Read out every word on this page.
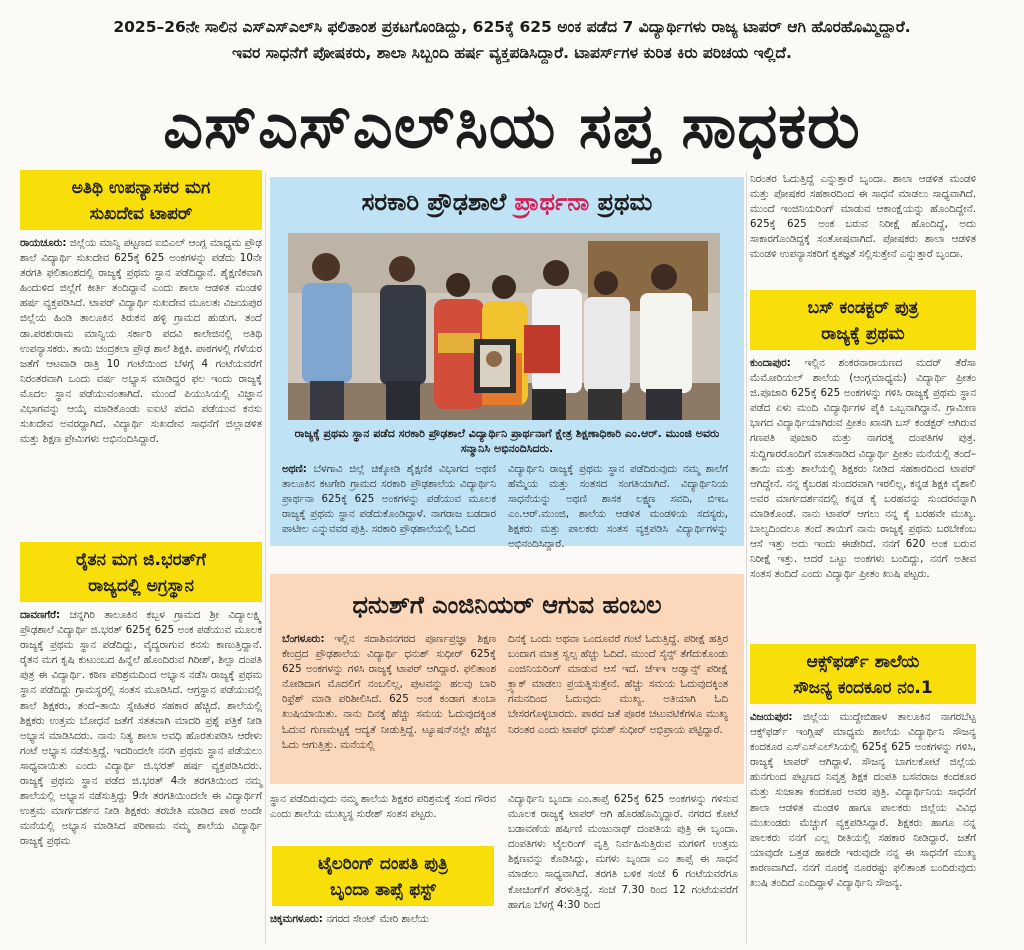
2025–26ನೇ ಸಾಲಿನ ಎಸ್‌ಎಸ್‌ಎಲ್‌ಸಿ ಫಲಿತಾಂಶ ಪ್ರಕಟಗೊಂಡಿದ್ದು, 625ಕ್ಕೆ 625 ಅಂಕ ಪಡೆದ 7 ವಿದ್ಯಾರ್ಥಿಗಳು ರಾಜ್ಯ ಟಾಪರ್ ಆಗಿ ಹೊರಹೊಮ್ಮಿದ್ದಾರೆ.
ಇವರ ಸಾಧನೆಗೆ ಪೋಷಕರು, ಶಾಲಾ ಸಿಬ್ಬಂದಿ ಹರ್ಷ ವ್ಯಕ್ತಪಡಿಸಿದ್ದಾರೆ. ಟಾಪರ್ಸ್‌ಗಳ ಕುರಿತ ಕಿರು ಪರಿಚಯ ಇಲ್ಲಿದೆ.
ಎಸ್‌ಎಸ್‌ಎಲ್‌ಸಿಯ ಸಪ್ತ ಸಾಧಕರು
ಅತಿಥಿ ಉಪನ್ಯಾಸಕರ ಮಗ
ಸುಖದೇವ ಟಾಪರ್
ರಾಯಚೂರು: ಜಿಲ್ಲೆಯ ಮಾನ್ವಿ ಪಟ್ಟಣದ ಐಬಿಎಲ್ ಆಂಗ್ಲ ಮಾಧ್ಯಮ ಪ್ರೌಢ ಶಾಲೆ ವಿದ್ಯಾರ್ಥಿ ಸುಖದೇವ 625ಕ್ಕೆ 625 ಅಂಕಗಳನ್ನು ಪಡೆದು 10ನೇ ತರಗತಿ ಫಲಿತಾಂಶದಲ್ಲಿ ರಾಜ್ಯಕ್ಕೆ ಪ್ರಥಮ ಸ್ಥಾನ ಪಡೆದಿದ್ದಾನೆ. ಶೈಕ್ಷಣಿಕವಾಗಿ ಹಿಂದುಳಿದ ಜಿಲ್ಲೆಗೆ ಕೀರ್ತಿ ತಂದಿದ್ದಾನೆ ಎಂದು ಶಾಲಾ ಆಡಳಿತ ಮಂಡಳಿ ಹರ್ಷ ವ್ಯಕ್ತಪಡಿಸಿದೆ. ಟಾಪರ್ ವಿದ್ಯಾರ್ಥಿ ಸುಖದೇವ ಮೂಲತಃ ವಿಜಯಪುರ ಜಿಲ್ಲೆಯ ಹಿಂಡಿ ತಾಲೂಕಿನ ತಿರುಕನ ಹಳ್ಳಿ ಗ್ರಾಮದ ಹುಡುಗ. ತಂದೆ ಡಾ.ಪರಶುರಾಮ ಮಾನ್ವಿಯ ಸರ್ಕಾರಿ ಪದವಿ ಕಾಲೇಜಿನಲ್ಲಿ ಅತಿಥಿ ಉಪನ್ಯಾಸಕರು. ತಾಯಿ ಚಂದ್ರಕಲಾ ಪ್ರೌಢ ಶಾಲೆ ಶಿಕ್ಷಕಿ. ಪಾಠಗಳಲ್ಲಿ ಗೆಳೆಯರ ಜತೆಗೆ ಆಟವಾಡಿ ರಾತ್ರಿ 10 ಗಂಟೆಯಿಂದ ಬೆಳಗ್ಗೆ 4 ಗಂಟೆಯವರೆಗೆ ನಿರಂತರವಾಗಿ ಒಂದು ವರ್ಷ ಅಭ್ಯಾಸ ಮಾಡಿದ್ದರ ಫಲ ಇಂದು ರಾಜ್ಯಕ್ಕೆ ಮೊದಲ ಸ್ಥಾನ ಪಡೆಯುವಂತಾಗಿದೆ. ಮುಂದೆ ಪಿಯುಸಿಯಲ್ಲಿ ವಿಜ್ಞಾನ ವಿಭಾಗವನ್ನು ಆಯ್ಕೆ ಮಾಡಿಕೊಂಡು ಐಐಟಿ ಪದವಿ ಪಡೆಯುವ ಕನಸು ಸುಖದೇವ ಅವರದ್ದಾಗಿದೆ. ವಿದ್ಯಾರ್ಥಿ ಸುಖದೇವ ಸಾಧನೆಗೆ ಜಿಲ್ಲಾಡಳಿತ ಮತ್ತು ಶಿಕ್ಷಣ ಪ್ರೇಮಿಗಳು ಅಭಿನಂದಿಸಿದ್ದಾರೆ.
ರೈತನ ಮಗ ಜಿ.ಭರತ್‌ಗೆ
ರಾಜ್ಯದಲ್ಲಿ ಅಗ್ರಸ್ಥಾನ
ದಾವಣಗೆರೆ: ಚನ್ನಗಿರಿ ತಾಲೂಕಿನ ಕಬ್ಬಳ ಗ್ರಾಮದ ಶ್ರೀ ವಿದ್ಯಾಲಕ್ಷ್ಮಿ ಪ್ರೌಢಶಾಲೆ ವಿದ್ಯಾರ್ಥಿ ಜಿ.ಭರತ್ 625ಕ್ಕೆ 625 ಅಂಕ ಪಡೆಯುವ ಮೂಲಕ ರಾಜ್ಯಕ್ಕೆ ಪ್ರಥಮ ಸ್ಥಾನ ಪಡೆದಿದ್ದು, ವೈದ್ಯರಾಗುವ ಕನಸು ಕಾಣುತ್ತಿದ್ದಾನೆ. ರೈತನ ಮಗ ಕೃಷಿ ಕುಟುಂಬದ ಹಿನ್ನೆಲೆ ಹೊಂದಿರುವ ಗಿರೀಶ್, ಶಿಲ್ಪಾ ದಂಪತಿ ಪುತ್ರ ಈ ವಿದ್ಯಾರ್ಥಿ. ಕಠಿಣ ಪರಿಶ್ರಮದಿಂದ ಅಭ್ಯಾಸ ನಡೆಸಿ ರಾಜ್ಯಕ್ಕೆ ಪ್ರಥಮ ಸ್ಥಾನ ಪಡೆದಿದ್ದು ಗ್ರಾಮಸ್ಥರಲ್ಲಿ ಸಂತಸ ಮೂಡಿಸಿದೆ. ಆಗ್ರಸ್ಥಾನ ಪಡೆಯುವಲ್ಲಿ ಶಾಲೆ ಶಿಕ್ಷಕರು, ತಂದೆ–ತಾಯಿ ಸ್ನೇಹಿತರ ಸಹಕಾರ ಹೆಚ್ಚಿದೆ. ಶಾಲೆಯಲ್ಲಿ ಶಿಕ್ಷಕರು ಉತ್ತಮ ಬೋಧನೆ ಜತೆಗೆ ಸತತವಾಗಿ ಮಾದರಿ ಪ್ರಶ್ನೆ ಪತ್ರಿಕೆ ನೀಡಿ ಅಭ್ಯಾಸ ಮಾಡಿಸಿದರು. ನಾನು ನಿತ್ಯ ಶಾಲಾ ಅವಧಿ ಹೊರತುಪಡಿಸಿ ಆರೇಳು ಗಂಟೆ ಅಭ್ಯಾಸ ನಡೆಸುತ್ತಿದ್ದೆ. ಇದರಿಂದಲೇ ನನಗಿ ಪ್ರಥಮ ಸ್ಥಾನ ಪಡೆಯಲು ಸಾಧ್ಯವಾಯಿತು ಎಂದು ವಿದ್ಯಾರ್ಥಿ ಜಿ.ಭರತ್ ಹರ್ಷ ವ್ಯಕ್ತಪಡಿಸಿದರು. ರಾಜ್ಯಕ್ಕೆ ಪ್ರಥಮ ಸ್ಥಾನ ಪಡೆದ ಜಿ.ಭರತ್ 4ನೇ ತರಗತಿಯಿಂದ ನಮ್ಮ ಶಾಲೆಯಲ್ಲಿ ಅಭ್ಯಾಸ ನಡೆಸುತ್ತಿದ್ದು 9ನೇ ತರಗತಿಯಿಂದಲೇ ಈ ವಿದ್ಯಾರ್ಥಿಗೆ ಉತ್ತಮ ಮಾರ್ಗದರ್ಶನ ನೀಡಿ ಶಿಕ್ಷಕರು ತರಬೇತಿ ಮಾಡಿದ ಪಾಠ ಅಂದೇ ಮನೆಯಲ್ಲಿ ಅಭ್ಯಾಸ ಮಾಡಿಸಿದ ಪರಿಣಾಮ ನಮ್ಮ ಶಾಲೆಯ ವಿದ್ಯಾರ್ಥಿ ರಾಜ್ಯಕ್ಕೆ ಪ್ರಥಮ
ಸರಕಾರಿ ಪ್ರೌಢಶಾಲೆ ಪ್ರಾರ್ಥನಾ ಪ್ರಥಮ
ರಾಜ್ಯಕ್ಕೆ ಪ್ರಥಮ ಸ್ಥಾನ ಪಡೆದ ಸರಕಾರಿ ಪ್ರೌಢಶಾಲೆ ವಿದ್ಯಾರ್ಥಿನಿ ಪ್ರಾರ್ಥನಾಗೆ ಕ್ಷೇತ್ರ ಶಿಕ್ಷಣಾಧಿಕಾರಿ ಎಂ.ಆರ್. ಮುಂಜಿ ಅವರು ಸನ್ಮಾನಿಸಿ ಅಭಿನಂದಿಸಿದರು.
ಅಥಣಿ: ಬೆಳಗಾವಿ ಜಿಲ್ಲೆ ಚಿಕ್ಕೋಡಿ ಶೈಕ್ಷಣಿಕ ವಿಭಾಗದ ಅಥಣಿ ತಾಲೂಕಿನ ಕಟಗೇರಿ ಗ್ರಾಮದ ಸರಕಾರಿ ಪ್ರೌಢಶಾಲೆಯ ವಿದ್ಯಾರ್ಥಿನಿ ಪ್ರಾರ್ಥನಾ 625ಕ್ಕೆ 625 ಅಂಕಗಳನ್ನು ಪಡೆಯುವ ಮೂಲಕ ರಾಜ್ಯಕ್ಕೆ ಪ್ರಥಮ ಸ್ಥಾನ ಪಡೆದುಕೊಂಡಿದ್ದಾಳೆ. ನಾಗರಾಜ ಬಡದಾರ ಪಾಟೀಲ ಎನ್ನುವವರ ಪುತ್ರಿ. ಸರಕಾರಿ ಪ್ರೌಢಶಾಲೆಯಲ್ಲಿ ಓದಿದ
ವಿದ್ಯಾರ್ಥಿನಿ ರಾಜ್ಯಕ್ಕೆ ಪ್ರಥಮ ಸ್ಥಾನ ಪಡೆದಿರುವುದು ನಮ್ಮ ಶಾಲೆಗೆ ಹೆಮ್ಮೆಯ ಮತ್ತು ಸಂತಸದ ಸಂಗತಿಯಾಗಿದೆ. ವಿದ್ಯಾರ್ಥಿನಿಯ ಸಾಧನೆಯನ್ನು ಅಥಣಿ ಶಾಸಕ ಲಕ್ಷ್ಮಣ ಸವದಿ, ಬಿಇಒ ಎಂ.ಆರ್.ಮುಂಜಿ, ಶಾಲೆಯ ಆಡಳಿತ ಮಂಡಳಿಯ ಸದಸ್ಯರು, ಶಿಕ್ಷಕರು ಮತ್ತು ಪಾಲಕರು ಸಂತಸ ವ್ಯಕ್ತಪಡಿಸಿ ವಿದ್ಯಾರ್ಥಿಗಳನ್ನು ಅಭಿನಂದಿಸಿದ್ದಾರೆ.
ಧನುಶ್‌ಗೆ ಎಂಜಿನಿಯರ್ ಆಗುವ ಹಂಬಲ
ಬೆಂಗಳೂರು: ಇಲ್ಲಿನ ಸದಾಶಿವನಗರದ ಪೂರ್ಣಪ್ರಜ್ಞಾ ಶಿಕ್ಷಣ ಕೇಂದ್ರದ ಪ್ರೌಢಶಾಲೆಯ ವಿದ್ಯಾರ್ಥಿ ಧನುಶ್ ಸುಧೀರ್ 625ಕ್ಕೆ 625 ಅಂಕಗಳನ್ನು ಗಳಿಸಿ ರಾಜ್ಯಕ್ಕೆ ಟಾಪರ್ ಆಗಿದ್ದಾರೆ. ಫಲಿತಾಂಶ ನೋಡಿದಾಗ ಮೊದಲಿಗೆ ನಂಬಲಿಲ್ಲ, ಪುಟವನ್ನು ಹಲವು ಬಾರಿ ರಿಫ್ರೆಶ್ ಮಾಡಿ ಪರಿಶೀಲಿಸಿದೆ. 625 ಅಂಕ ಕಂಡಾಗ ತುಂಬಾ ಖುಷಿಯಾಯಿತು. ನಾನು ದಿನಕ್ಕೆ ಹೆಚ್ಚು ಸಮಯ ಓದುವುದಕ್ಕಿಂತ ಓದುವ ಗುಣಮಟ್ಟಕ್ಕೆ ಆದ್ಯತೆ ನೀಡುತ್ತಿದ್ದೆ. ಟ್ಯೂಷನ್‌ನಲ್ಲೇ ಹೆಚ್ಚಿನ ಓದು ಆಗುತ್ತಿತ್ತು. ಮನೆಯಲ್ಲಿ
ದಿನಕ್ಕೆ ಒಂದು ಅಥವಾ ಒಂದೂವರೆ ಗಂಟೆ ಓದುತ್ತಿದ್ದೆ. ಪರೀಕ್ಷೆ ಹತ್ತಿರ ಬಂದಾಗ ಮಾತ್ರ ಸ್ವಲ್ಪ ಹೆಚ್ಚು ಓದಿದೆ. ಮುಂದೆ ಸೈನ್ಸ್ ತೆಗೆದುಕೊಂಡು ಎಂಜಿನಿಯರಿಂಗ್ ಮಾಡುವ ಆಸೆ ಇದೆ. ಜೆಇಇ ಅಡ್ವಾನ್ಸ್ ಪರೀಕ್ಷೆ ಕ್ರ್ಯಾಕ್ ಮಾಡಲು ಪ್ರಯತ್ನಿಸುತ್ತೇನೆ. ಹೆಚ್ಚು ಸಮಯ ಓದುವುದಕ್ಕಿಂತ ಗಮನದಿಂದ ಓದುವುದು ಮುಖ್ಯ. ಅತಿಯಾಗಿ ಓದಿ ಬೇಸರಗೊಳ್ಳಬಾರದು. ಪಾಠದ ಜತೆ ಪೂರಕ ಚಟುವಟಿಕೆಗಳೂ ಮುಖ್ಯ ನಿರಂತರ ಎಂದು ಟಾಪರ್ ಧನುಶ್ ಸುಧೀರ್ ಅಭಿಪ್ರಾಯ ಪಟ್ಟಿದ್ದಾರೆ.
ಸ್ಥಾನ ಪಡೆದಿರುವುದು ನಮ್ಮ ಶಾಲೆಯ ಶಿಕ್ಷಕರ ಪರಿಶ್ರಮಕ್ಕೆ ಸಂದ ಗೌರವ ಎಂದು ಶಾಲೆಯ ಮುಖ್ಯಸ್ಥ ಸುರೇಶ್ ಸಂತಸ ಪಟ್ಟರು.
ಟೈಲರಿಂಗ್ ದಂಪತಿ ಪುತ್ರಿ
ಬೃಂದಾ ತಾಪ್ಸೆ ಫಸ್ಟ್
ಚಿಕ್ಕಮಗಳೂರು: ನಗರದ ಸೇಂಟ್ ಮೇರಿ ಶಾಲೆಯ
ವಿದ್ಯಾರ್ಥಿನಿ ಬೃಂದಾ ಎಂ.ತಾಪ್ಸೆ 625ಕ್ಕೆ 625 ಅಂಕಗಳನ್ನು ಗಳಿಸುವ ಮೂಲಕ ರಾಜ್ಯಕ್ಕೆ ಟಾಪರ್ ಆಗಿ ಹೊರಹೊಮ್ಮಿದ್ದಾರೆ. ನಗರದ ಕೋಟೆ ಬಡಾವಣೆಯ ಹರ್ಷಿಣಿ ಮಂಜುನಾಥ್ ದಂಪತಿಯ ಪುತ್ರಿ ಈ ಬೃಂದಾ. ದಂಪತಿಗಳು ಟೈಲರಿಂಗ್ ವೃತ್ತಿ ನಿರ್ವಹಿಸುತ್ತಿರುವ ಮಗಳಿಗೆ ಉತ್ತಮ ಶಿಕ್ಷಣವನ್ನು ಕೊಡಿಸಿದ್ದು, ಮಗಳು ಬೃಂದಾ ಎಂ ತಾಪ್ಸೆ ಈ ಸಾಧನೆ ಮಾಡಲು ಸಾಧ್ಯವಾಗಿದೆ. ತರಗತಿ ಬಳಿಕ ಸಂಜೆ 6 ಗಂಟೆಯವರೆಗೂ ಕೋಚಿಂಗ್‌ಗೆ ತೆರಳುತ್ತಿದ್ದೆ. ಸಂಜೆ 7.30 ರಿಂದ 12 ಗಂಟೆಯವರೆಗೆ ಹಾಗೂ ಬೆಳಗ್ಗೆ 4:30 ರಿಂದ
ನಿರಂತರ ಓದುತ್ತಿದ್ದೆ ಎನ್ನುತ್ತಾರೆ ಬೃಂದಾ. ಶಾಲಾ ಆಡಳಿತ ಮಂಡಳಿ ಮತ್ತು ಪೋಷಕರ ಸಹಕಾರದಿಂದ ಈ ಸಾಧನೆ ಮಾಡಲು ಸಾಧ್ಯವಾಗಿದೆ. ಮುಂದೆ ಇಂಜಿನಿಯರಿಂಗ್ ಮಾಡುವ ಆಕಾಂಕ್ಷೆಯನ್ನು ಹೊಂದಿದ್ದೇನೆ. 625ಕ್ಕೆ 625 ಅಂಕ ಬರುವ ನಿರೀಕ್ಷೆ ಹೊಂದಿದ್ದೆ, ಅದು ಸಾಕಾರಗೊಂಡಿದ್ದಕ್ಕೆ ಸಂತೋಷವಾಗಿದೆ. ಪೋಷಕರು ಶಾಲಾ ಆಡಳಿತ ಮಂಡಳಿ ಉಪನ್ಯಾಸಕರಿಗೆ ಕೃತಜ್ಞತೆ ಸಲ್ಲಿಸುತ್ತೇನೆ ಎನ್ನುತ್ತಾರೆ ಬೃಂದಾ.
ಬಸ್ ಕಂಡಕ್ಟರ್ ಪುತ್ರ
ರಾಜ್ಯಕ್ಕೆ ಪ್ರಥಮ
ಕುಂದಾಪುರ: ಇಲ್ಲಿನ ಶಂಕರನಾರಾಯಣದ ಮದರ್ ತೆರೆಸಾ ಮೆಮೋರಿಯಲ್ ಶಾಲೆಯ (ಆಂಗ್ಲಮಾಧ್ಯಮ) ವಿದ್ಯಾರ್ಥಿ ಪ್ರೀತಂ ಜಿ.ಪೂಜಾರಿ 625ಕ್ಕೆ 625 ಅಂಕಗಳನ್ನು ಗಳಿಸಿ ರಾಜ್ಯಕ್ಕೆ ಪ್ರಥಮ ಸ್ಥಾನ ಪಡೆದ ಏಳು ಮಂದಿ ವಿದ್ಯಾರ್ಥಿಗಳ ಪೈಕಿ ಒಬ್ಬನಾಗಿದ್ದಾನೆ. ಗ್ರಾಮೀಣ ಭಾಗದ ವಿದ್ಯಾರ್ಥಿಯಾಗಿರುವ ಪ್ರೀತಂ ಖಾಸಗಿ ಬಸ್ ಕಂಡಕ್ಟರ್ ಆಗಿರುವ ಗಣಪತಿ ಪೂಜಾರಿ ಮತ್ತು ನಾಗರತ್ನ ದಂಪತಿಗಳ ಪುತ್ರ. ಸುದ್ದಿಗಾರರೊಂದಿಗೆ ಮಾತನಾಡಿದ ವಿದ್ಯಾರ್ಥಿ ಪ್ರೀತಂ ಮನೆಯಲ್ಲಿ ತಂದೆ–ತಾಯಿ ಮತ್ತು ಶಾಲೆಯಲ್ಲಿ ಶಿಕ್ಷಕರು ನೀಡಿದ ಸಹಕಾರದಿಂದ ಟಾಪರ್ ಆಗಿದ್ದೇನೆ. ನನ್ನ ಕೈಬರಹ ಸುಂದರವಾಗಿ ಇರಲಿಲ್ಲ, ಕನ್ನಡ ಶಿಕ್ಷಕಿ ವೈಶಾಲಿ ಅವರ ಮಾರ್ಗದರ್ಶನದಲ್ಲಿ ಕನ್ನಡ ಕೈ ಬರಹವನ್ನು ಸುಂದರವನ್ನಾಗಿ ಮಾಡಿಕೊಂಡೆ. ನಾನು ಟಾಪರ್ ಆಗಲು ನನ್ನ ಕೈ ಬರಹವೇ ಮುಖ್ಯ. ಬಾಲ್ಯದಿಂದಲೂ ತಂದೆ ತಾಯಿಗೆ ನಾನು ರಾಜ್ಯಕ್ಕೆ ಪ್ರಥಮ ಬರಬೇಕೆಂಬ ಆಸೆ ಇತ್ತು ಅದು ಇಂದು ಈಡೇರಿದೆ. ನನಗೆ 620 ಅಂಕ ಬರುವ ನಿರೀಕ್ಷೆ ಇತ್ತು. ಆದರೆ ಒಟ್ಟು ಅಂಕಗಳು ಬಂದಿದ್ದು, ನನಗೆ ಅತೀವ ಸಂತಸ ತಂದಿದೆ ಎಂದು ವಿದ್ಯಾರ್ಥಿ ಪ್ರೀತಂ ಖುಷಿ ಪಟ್ಟರು.
ಆಕ್ಸ್‌ಫರ್ಡ್ ಶಾಲೆಯ
ಸೌಜನ್ಯ ಕಂದಕೂರ ನಂ.1
ವಿಜಯಪುರ: ಜಿಲ್ಲೆಯ ಮುದ್ದೇಬಿಹಾಳ ತಾಲೂಕಿನ ನಾಗರಬೆಟ್ಟ ಆಕ್ಸ್‌ಫರ್ಡ್ ಇಂಗ್ಲಿಷ್ ಮಾಧ್ಯಮ ಶಾಲೆಯ ವಿದ್ಯಾರ್ಥಿನಿ ಸೌಜನ್ಯ ಕಂದಕೂರ ಎಸ್‌ಎಸ್‌ಎಲ್‌ಸಿಯಲ್ಲಿ 625ಕ್ಕೆ 625 ಅಂಕಗಳನ್ನು ಗಳಿಸಿ, ರಾಜ್ಯಕ್ಕೆ ಟಾಪರ್ ಆಗಿದ್ದಾಳೆ. ಸೌಜನ್ಯ ಬಾಗಲಕೋಟೆ ಜಿಲ್ಲೆಯ ಹುನಗುಂದ ಪಟ್ಟಣದ ನಿವೃತ್ತ ಶಿಕ್ಷಕ ದಂಪತಿ ಬಸವರಾಜ ಕಂದಕೂರ ಮತ್ತು ಸುಜಾತಾ ಕಂದಕೂರ ಅವರ ಪುತ್ರಿ. ವಿದ್ಯಾರ್ಥಿನಿಯ ಸಾಧನೆಗೆ ಶಾಲಾ ಆಡಳಿತ ಮಂಡಳಿ ಹಾಗೂ ಪಾಲಕರು ಜಿಲ್ಲೆಯ ವಿವಿಧ ಮುಖಂಡರು ಮೆಚ್ಚುಗೆ ವ್ಯಕ್ತಪಡಿಸಿದ್ದಾರೆ. ಶಿಕ್ಷಕರು ಹಾಗೂ ನನ್ನ ಪಾಲಕರು ನನಗೆ ಎಲ್ಲ ರೀತಿಯಲ್ಲಿ ಸಹಕಾರ ನೀಡಿದ್ದಾರೆ. ಜತೆಗೆ ಯಾವುದೇ ಒತ್ತಡ ಹಾಕದೇ ಇರುವುದೇ ನನ್ನ ಈ ಸಾಧನೆಗೆ ಮುಖ್ಯ ಕಾರಣವಾಗಿದೆ. ನನಗೆ ನೂರಕ್ಕೆ ನೂರರಷ್ಟು ಫಲಿತಾಂಶ ಬಂದಿರುವುದು ಖುಷಿ ತಂದಿದೆ ಎಂದಿದ್ದಾಳೆ ವಿದ್ಯಾರ್ಥಿನಿ ಸೌಜನ್ಯ.
